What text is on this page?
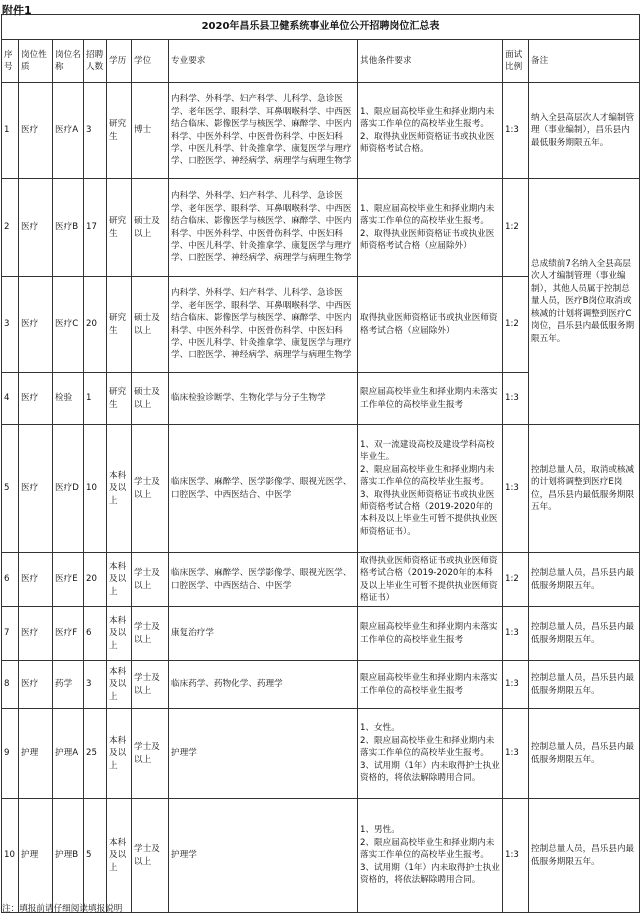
附件1
2020年昌乐县卫健系统事业单位公开招聘岗位汇总表									
序号	岗位性质	岗位名称	招聘人数	学历	学位	专业要求	其他条件要求	面试比例	备注
1	医疗	医疗A	3	研究生	博士	内科学、外科学、妇产科学、儿科学、急诊医学、老年医学、眼科学、耳鼻咽喉科学、中西医结合临床、影像医学与核医学、麻醉学、中医内科学、中医外科学、中医骨伤科学、中医妇科学、中医儿科学、针灸推拿学、康复医学与理疗学、口腔医学、神经病学、病理学与病理生物学	1、限应届高校毕业生和择业期内未落实工作单位的高校毕业生报考。
2、取得执业医师资格证书或执业医师资格考试合格。	1:3	纳入全县高层次人才编制管理（事业编制），昌乐县内最低服务期限五年。
2	医疗	医疗B	17	研究生	硕士及以上	内科学、外科学、妇产科学、儿科学、急诊医学、老年医学、眼科学、耳鼻咽喉科学、中西医结合临床、影像医学与核医学、麻醉学、中医内科学、中医外科学、中医骨伤科学、中医妇科学、中医儿科学、针灸推拿学、康复医学与理疗学、口腔医学、神经病学、病理学与病理生物学	1、限应届高校毕业生和择业期内未落实工作单位的高校毕业生报考。
2、取得执业医师资格证书或执业医师资格考试合格（应届除外）	1:2	总成绩前7名纳入全县高层次人才编制管理（事业编制），其他人员属于控制总量人员，医疗B岗位取消或核减的计划将调整到医疗C岗位，昌乐县内最低服务期限五年。
3	医疗	医疗C	20	研究生	硕士及以上	内科学、外科学、妇产科学、儿科学、急诊医学、老年医学、眼科学、耳鼻咽喉科学、中西医结合临床、影像医学与核医学、麻醉学、中医内科学、中医外科学、中医骨伤科学、中医妇科学、中医儿科学、针灸推拿学、康复医学与理疗学、口腔医学、神经病学、病理学与病理生物学	取得执业医师资格证书或执业医师资格考试合格（应届除外）	1:2	
4	医疗	检验	1	研究生	硕士及以上	临床检验诊断学、生物化学与分子生物学	限应届高校毕业生和择业期内未落实工作单位的高校毕业生报考	1:3	
5	医疗	医疗D	10	本科及以上	学士及以上	临床医学、麻醉学、医学影像学、眼视光医学、口腔医学、中西医结合、中医学	1、双一流建设高校及建设学科高校毕业生。
2、限应届高校毕业生和择业期内未落实工作单位的高校毕业生报考。
3、取得执业医师资格证书或执业医师资格考试合格（2019-2020年的本科及以上毕业生可暂不提供执业医师资格证书）。	1:3	控制总量人员，取消或核减的计划将调整到医疗E岗位，昌乐县内最低服务期限五年。
6	医疗	医疗E	20	本科及以上	学士及以上	临床医学、麻醉学、医学影像学、眼视光医学、口腔医学、中西医结合、中医学	取得执业医师资格证书或执业医师资格考试合格（2019-2020年的本科及以上毕业生可暂不提供执业医师资格证书）	1:2	控制总量人员，昌乐县内最低服务期限五年。
7	医疗	医疗F	6	本科及以上	学士及以上	康复治疗学	限应届高校毕业生和择业期内未落实工作单位的高校毕业生报考	1:3	控制总量人员，昌乐县内最低服务期限五年。
8	医疗	药学	3	本科及以上	学士及以上	临床药学、药物化学、药理学	限应届高校毕业生和择业期内未落实工作单位的高校毕业生报考	1:3	控制总量人员，昌乐县内最低服务期限五年。
9	护理	护理A	25	本科及以上	学士及以上	护理学	1、女性。
2、限应届高校毕业生和择业期内未落实工作单位的高校毕业生报考。
3、试用期（1年）内未取得护士执业资格的，将依法解除聘用合同。	1:3	控制总量人员，昌乐县内最低服务期限五年。
10	护理	护理B	5	本科及以上	学士及以上	护理学	1、男性。
2、限应届高校毕业生和择业期内未落实工作单位的高校毕业生报考。
3、试用期（1年）内未取得护士执业资格的，将依法解除聘用合同。	1:3	控制总量人员，昌乐县内最低服务期限五年。
注：填报前请仔细阅读填报说明
